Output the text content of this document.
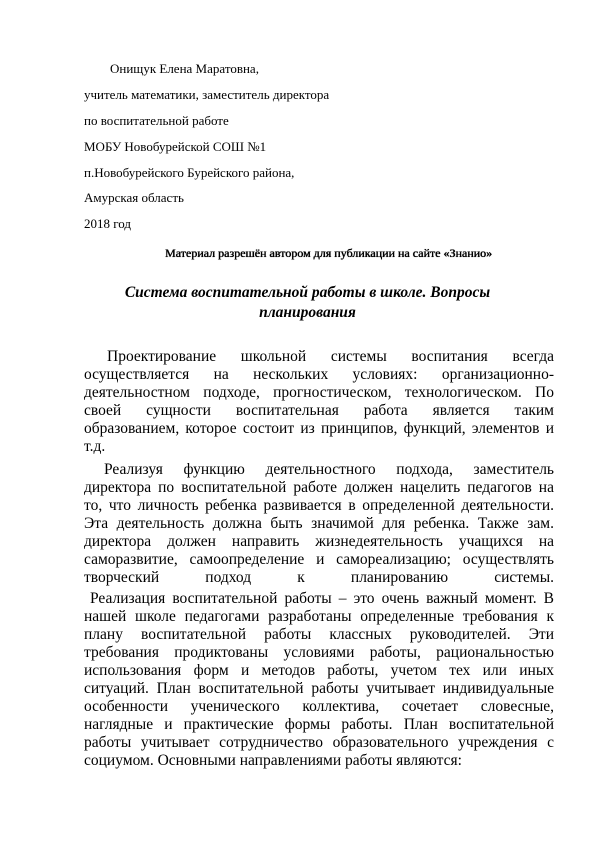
Онищук Елена Маратовна,
учитель математики, заместитель директора
по воспитательной работе
МОБУ Новобурейской СОШ №1
п.Новобурейского Бурейского района,
Амурская область
2018 год
Материал разрешён автором для публикации на сайте «Знанио»
Система воспитательной работы в школе. Вопросы
планирования
Проектирование школьной системы воспитания всегда
осуществляется на нескольких условиях: организационно-
деятельностном подходе, прогностическом, технологическом. По
своей сущности воспитательная работа является таким
образованием, которое состоит из принципов, функций, элементов и
т.д.
Реализуя функцию деятельностного подхода, заместитель
директора по воспитательной работе должен нацелить педагогов на
то, что личность ребенка развивается в определенной деятельности.
Эта деятельность должна быть значимой для ребенка. Также зам.
директора должен направить жизнедеятельность учащихся на
саморазвитие, самоопределение и самореализацию; осуществлять
творческий подход к планированию системы.
Реализация воспитательной работы – это очень важный момент. В
нашей школе педагогами разработаны определенные требования к
плану воспитательной работы классных руководителей. Эти
требования продиктованы условиями работы, рациональностью
использования форм и методов работы, учетом тех или иных
ситуаций. План воспитательной работы учитывает индивидуальные
особенности ученического коллектива, сочетает словесные,
наглядные и практические формы работы. План воспитательной
работы учитывает сотрудничество образовательного учреждения с
социумом. Основными направлениями работы являются:
